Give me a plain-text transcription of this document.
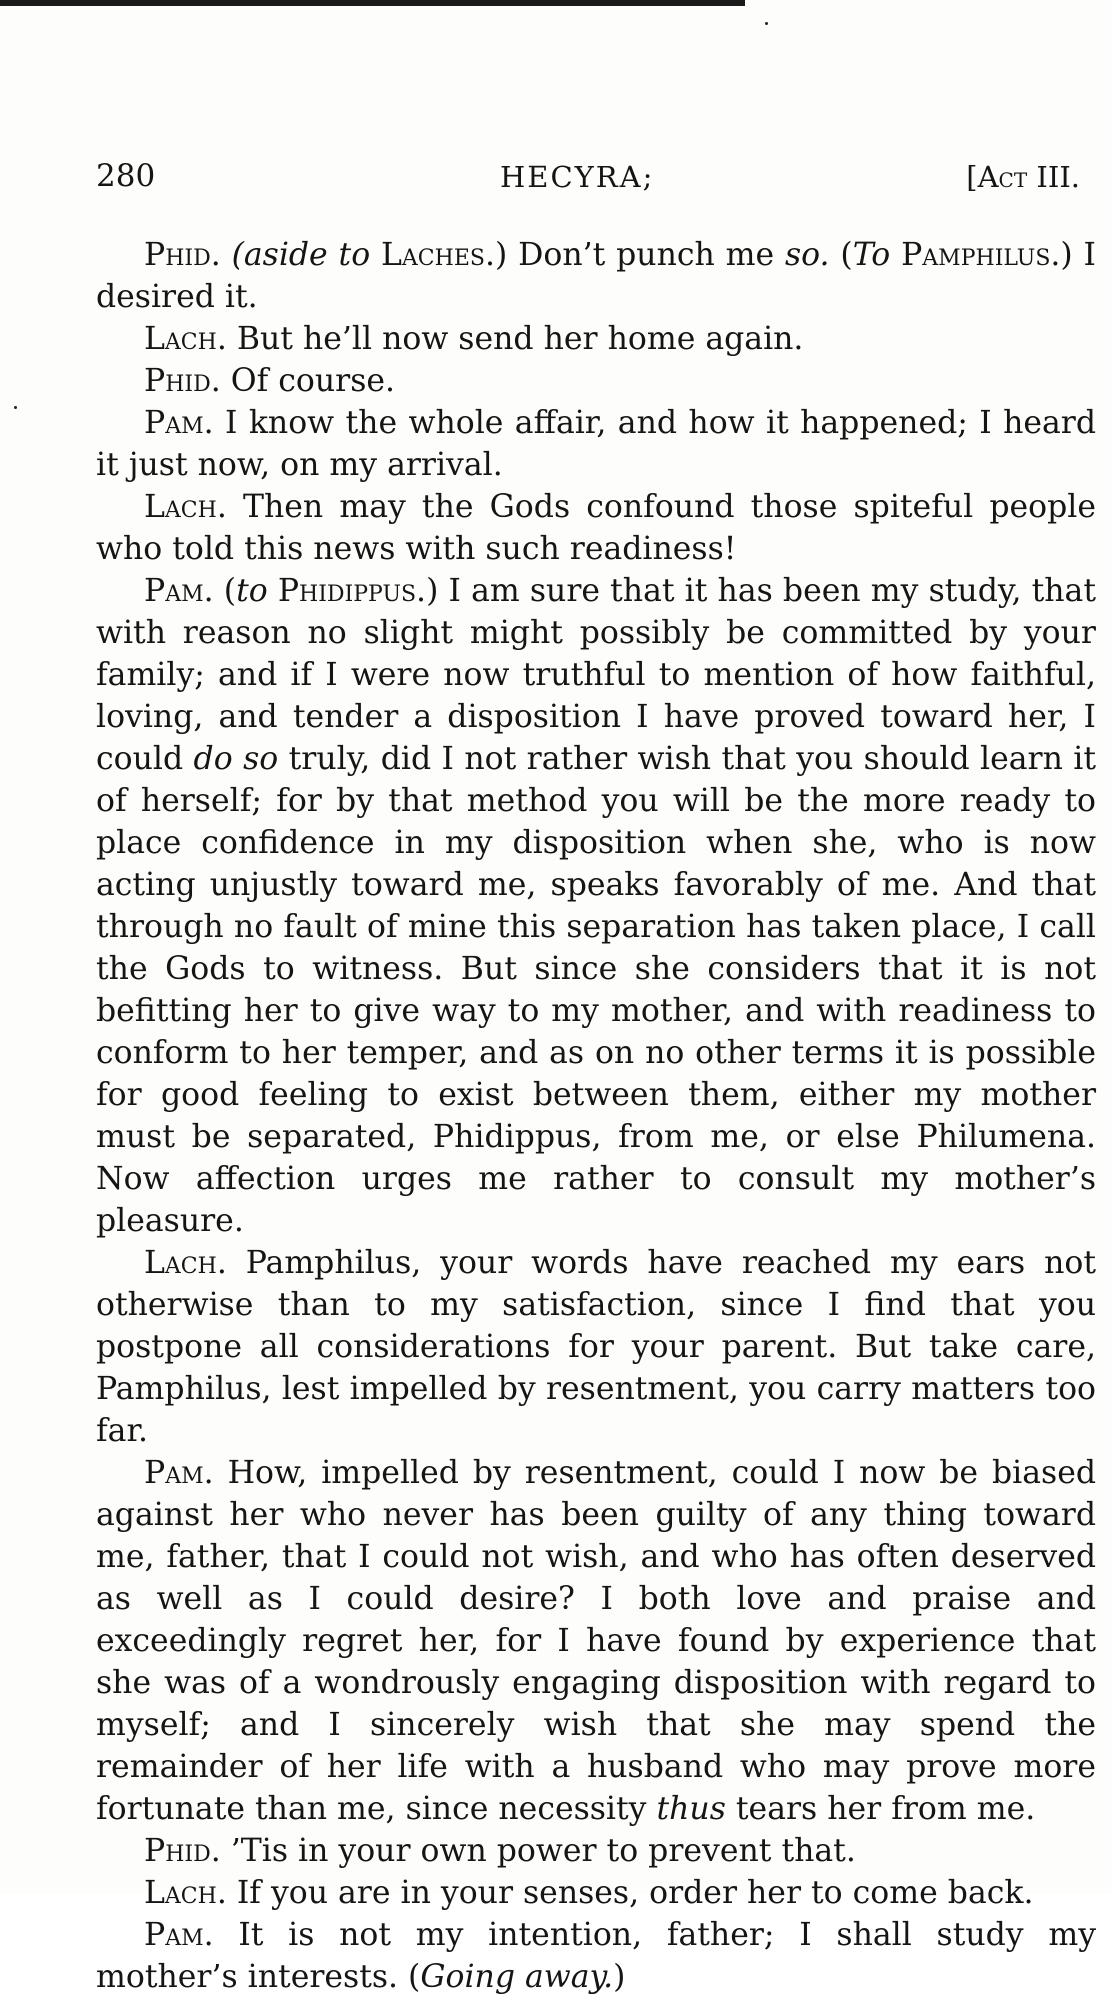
280	HECYRA;	[Act III.

Phid. (aside to Laches.) Don’t punch me so. (To Pamphilus.) I desired it.

Lach. But he’ll now send her home again.

Phid. Of course.

Pam. I know the whole affair, and how it happened; I heard it just now, on my arrival.

Lach. Then may the Gods confound those spiteful people who told this news with such readiness!

Pam. (to Phidippus.) I am sure that it has been my study, that with reason no slight might possibly be committed by your family; and if I were now truthful to mention of how faithful, loving, and tender a disposition I have proved toward her, I could do so truly, did I not rather wish that you should learn it of herself; for by that method you will be the more ready to place confidence in my disposition when she, who is now acting unjustly toward me, speaks favorably of me. And that through no fault of mine this separation has taken place, I call the Gods to witness. But since she considers that it is not befitting her to give way to my mother, and with readiness to conform to her temper, and as on no other terms it is possible for good feeling to exist between them, either my mother must be separated, Phidippus, from me, or else Philumena. Now affection urges me rather to consult my mother’s pleasure.

Lach. Pamphilus, your words have reached my ears not otherwise than to my satisfaction, since I find that you postpone all considerations for your parent. But take care, Pamphilus, lest impelled by resentment, you carry matters too far.

Pam. How, impelled by resentment, could I now be biased against her who never has been guilty of any thing toward me, father, that I could not wish, and who has often deserved as well as I could desire? I both love and praise and exceedingly regret her, for I have found by experience that she was of a wondrously engaging disposition with regard to myself; and I sincerely wish that she may spend the remainder of her life with a husband who may prove more fortunate than me, since necessity thus tears her from me.

Phid. ’Tis in your own power to prevent that.

Lach. If you are in your senses, order her to come back.

Pam. It is not my intention, father; I shall study my mother’s interests. (Going away.)
